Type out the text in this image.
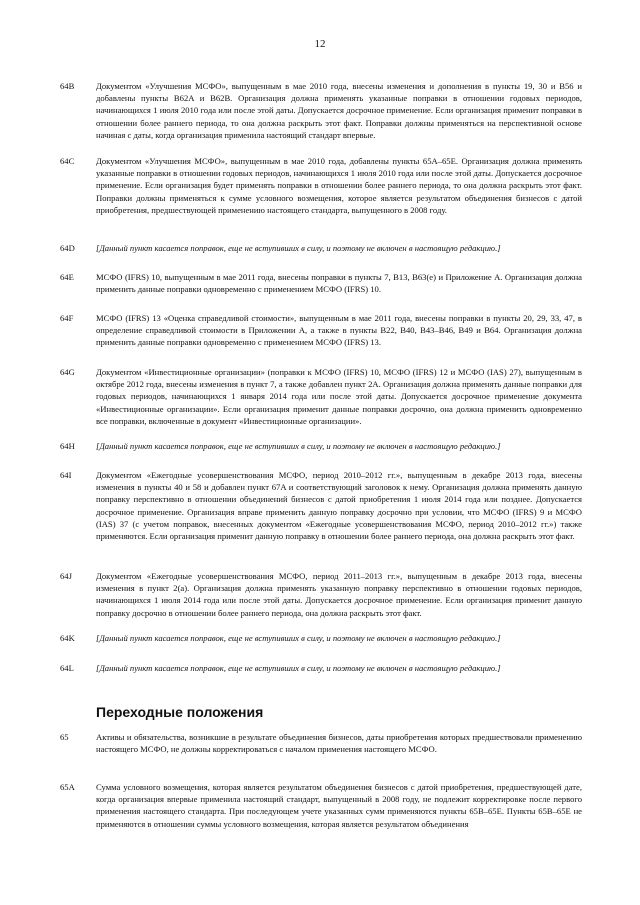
12
64B	Документом «Улучшения МСФО», выпущенным в мае 2010 года, внесены изменения и дополнения в пункты 19, 30 и B56 и добавлены пункты B62A и B62B. Организация должна применять указанные поправки в отношении годовых периодов, начинающихся 1 июля 2010 года или после этой даты. Допускается досрочное применение. Если организация применит поправки в отношении более раннего периода, то она должна раскрыть этот факт. Поправки должны применяться на перспективной основе начиная с даты, когда организация применила настоящий стандарт впервые.
64C	Документом «Улучшения МСФО», выпущенным в мае 2010 года, добавлены пункты 65A–65E. Организация должна применять указанные поправки в отношении годовых периодов, начинающихся 1 июля 2010 года или после этой даты. Допускается досрочное применение. Если организация будет применять поправки в отношении более раннего периода, то она должна раскрыть этот факт. Поправки должны применяться к сумме условного возмещения, которое является результатом объединения бизнесов с датой приобретения, предшествующей применению настоящего стандарта, выпущенного в 2008 году.
64D	[Данный пункт касается поправок, еще не вступивших в силу, и поэтому не включен в настоящую редакцию.]
64E	МСФО (IFRS) 10, выпущенным в мае 2011 года, внесены поправки в пункты 7, B13, B63(e) и Приложение A. Организация должна применить данные поправки одновременно с применением МСФО (IFRS) 10.
64F	МСФО (IFRS) 13 «Оценка справедливой стоимости», выпущенным в мае 2011 года, внесены поправки в пункты 20, 29, 33, 47, в определение справедливой стоимости в Приложении A, а также в пункты B22, B40, B43–B46, B49 и B64. Организация должна применить данные поправки одновременно с применением МСФО (IFRS) 13.
64G	Документом «Инвестиционные организации» (поправки к МСФО (IFRS) 10, МСФО (IFRS) 12 и МСФО (IAS) 27), выпущенным в октябре 2012 года, внесены изменения в пункт 7, а также добавлен пункт 2A. Организация должна применять данные поправки для годовых периодов, начинающихся 1 января 2014 года или после этой даты. Допускается досрочное применение документа «Инвестиционные организации». Если организация применит данные поправки досрочно, она должна применить одновременно все поправки, включенные в документ «Инвестиционные организации».
64H	[Данный пункт касается поправок, еще не вступивших в силу, и поэтому не включен в настоящую редакцию.]
64I	Документом «Ежегодные усовершенствования МСФО, период 2010–2012 гг.», выпущенным в декабре 2013 года, внесены изменения в пункты 40 и 58 и добавлен пункт 67A и соответствующий заголовок к нему. Организация должна применять данную поправку перспективно в отношении объединений бизнесов с датой приобретения 1 июля 2014 года или позднее. Допускается досрочное применение. Организация вправе применить данную поправку досрочно при условии, что МСФО (IFRS) 9 и МСФО (IAS) 37 (с учетом поправок, внесенных документом «Ежегодные усовершенствования МСФО, период 2010–2012 гг.») также применяются. Если организация применит данную поправку в отношении более раннего периода, она должна раскрыть этот факт.
64J	Документом «Ежегодные усовершенствования МСФО, период 2011–2013 гг.», выпущенным в декабре 2013 года, внесены изменения в пункт 2(a). Организация должна применять указанную поправку перспективно в отношении годовых периодов, начинающихся 1 июля 2014 года или после этой даты. Допускается досрочное применение. Если организация применит данную поправку досрочно в отношении более раннего периода, она должна раскрыть этот факт.
64K	[Данный пункт касается поправок, еще не вступивших в силу, и поэтому не включен в настоящую редакцию.]
64L	[Данный пункт касается поправок, еще не вступивших в силу, и поэтому не включен в настоящую редакцию.]
Переходные положения
65	Активы и обязательства, возникшие в результате объединения бизнесов, даты приобретения которых предшествовали применению настоящего МСФО, не должны корректироваться с началом применения настоящего МСФО.
65A	Сумма условного возмещения, которая является результатом объединения бизнесов с датой приобретения, предшествующей дате, когда организация впервые применила настоящий стандарт, выпущенный в 2008 году, не подлежит корректировке после первого применения настоящего стандарта. При последующем учете указанных сумм применяются пункты 65B–65E. Пункты 65B–65E не применяются в отношении суммы условного возмещения, которая является результатом объединения
